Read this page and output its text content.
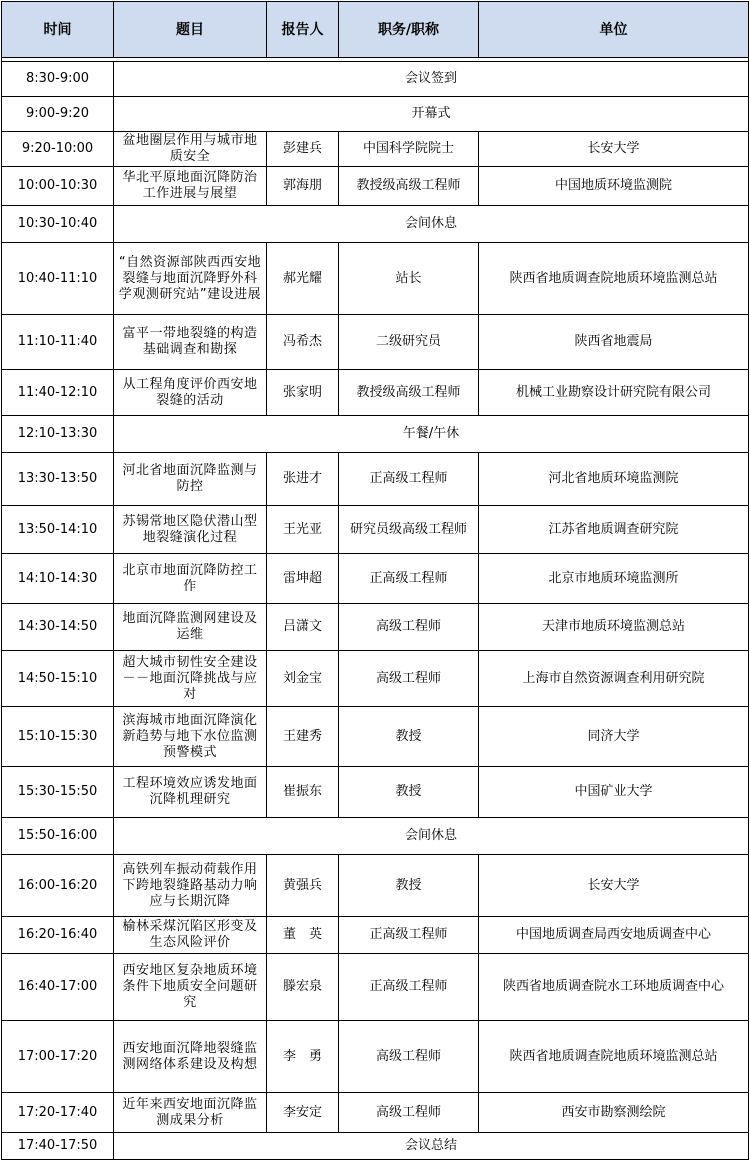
时间	题目	报告人	职务/职称	单位

8:30-9:00	会议签到			
9:00-9:20	开幕式			
9:20-10:00	盆地圈层作用与城市地质安全	彭建兵	中国科学院院士	长安大学
10:00-10:30	华北平原地面沉降防治工作进展与展望	郭海朋	教授级高级工程师	中国地质环境监测院
10:30-10:40	会间休息			
10:40-11:10	“自然资源部陕西西安地裂缝与地面沉降野外科学观测研究站”建设进展	郝光耀	站长	陕西省地质调查院地质环境监测总站
11:10-11:40	富平一带地裂缝的构造基础调查和勘探	冯希杰	二级研究员	陕西省地震局
11:40-12:10	从工程角度评价西安地裂缝的活动	张家明	教授级高级工程师	机械工业勘察设计研究院有限公司
12:10-13:30	午餐/午休			
13:30-13:50	河北省地面沉降监测与防控	张进才	正高级工程师	河北省地质环境监测院
13:50-14:10	苏锡常地区隐伏潜山型地裂缝演化过程	王光亚	研究员级高级工程师	江苏省地质调查研究院
14:10-14:30	北京市地面沉降防控工作	雷坤超	正高级工程师	北京市地质环境监测所
14:30-14:50	地面沉降监测网建设及运维	吕潇文	高级工程师	天津市地质环境监测总站
14:50-15:10	超大城市韧性安全建设－－地面沉降挑战与应对	刘金宝	高级工程师	上海市自然资源调查利用研究院
15:10-15:30	滨海城市地面沉降演化新趋势与地下水位监测预警模式	王建秀	教授	同济大学
15:30-15:50	工程环境效应诱发地面沉降机理研究	崔振东	教授	中国矿业大学
15:50-16:00	会间休息			
16:00-16:20	高铁列车振动荷载作用下跨地裂缝路基动力响应与长期沉降	黄强兵	教授	长安大学
16:20-16:40	榆林采煤沉陷区形变及生态风险评价	董　英	正高级工程师	中国地质调查局西安地质调查中心
16:40-17:00	西安地区复杂地质环境条件下地质安全问题研究	滕宏泉	正高级工程师	陕西省地质调查院水工环地质调查中心
17:00-17:20	西安地面沉降地裂缝监测网络体系建设及构想	李　勇	高级工程师	陕西省地质调查院地质环境监测总站
17:20-17:40	近年来西安地面沉降监测成果分析	李安定	高级工程师	西安市勘察测绘院
17:40-17:50	会议总结			
